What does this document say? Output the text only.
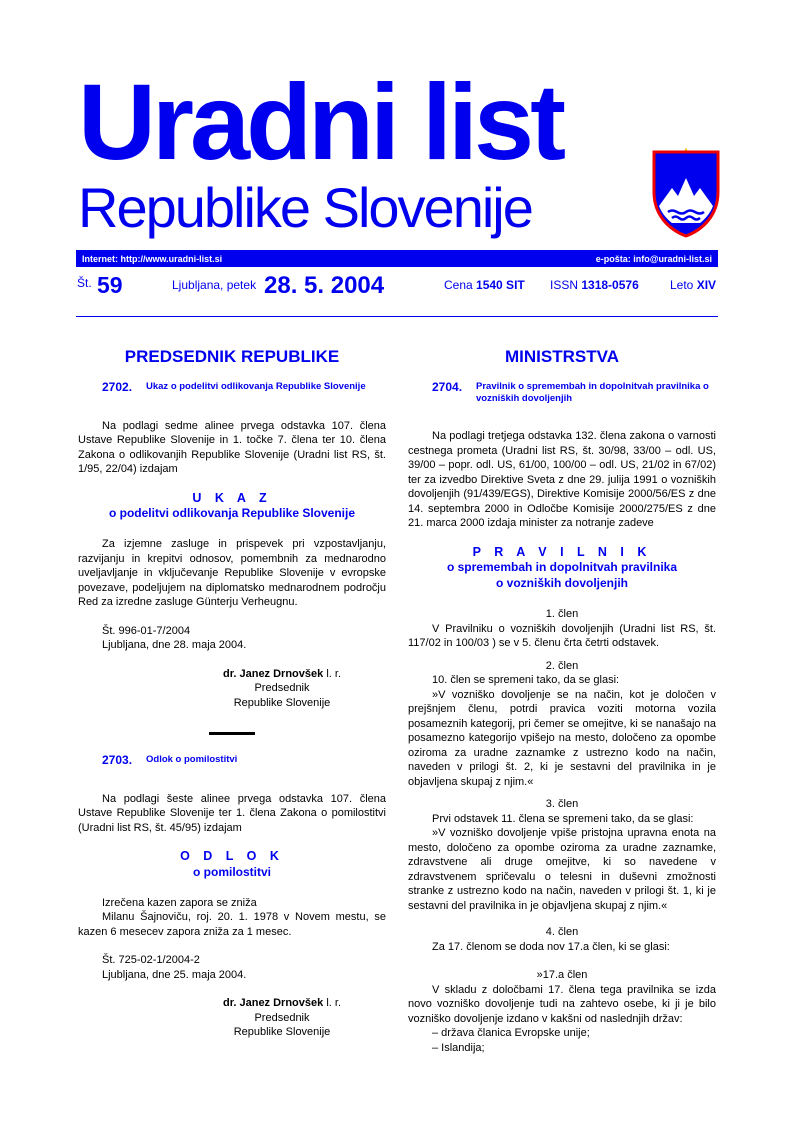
Uradni list
Republike Slovenije
Internet: http://www.uradni-list.si	e-pošta: info@uradni-list.si
Št. 59	Ljubljana, petek 28. 5. 2004	Cena 1540 SIT ISSN 1318-0576	Leto XIV
PREDSEDNIK REPUBLIKE
2702.	Ukaz o podelitvi odlikovanja Republike Slovenije
Na podlagi sedme alinee prvega odstavka 107. člena Ustave Republike Slovenije in 1. točke 7. člena ter 10. člena Zakona o odlikovanjih Republike Slovenije (Uradni list RS, št. 1/95, 22/04) izdajam
U K A Z
o podelitvi odlikovanja Republike Slovenije
Za izjemne zasluge in prispevek pri vzpostavljanju, razvijanju in krepitvi odnosov, pomembnih za mednarodno uveljavljanje in vključevanje Republike Slovenije v evropske povezave, podeljujem na diplomatsko mednarodnem področju Red za izredne zasluge Günterju Verheugnu.
Št. 996-01-7/2004
Ljubljana, dne 28. maja 2004.
dr. Janez Drnovšek l. r.
Predsednik
Republike Slovenije
2703.	Odlok o pomilostitvi
Na podlagi šeste alinee prvega odstavka 107. člena Ustave Republike Slovenije ter 1. člena Zakona o pomilostitvi (Uradni list RS, št. 45/95) izdajam
O D L O K
o pomilostitvi
Izrečena kazen zapora se zniža
Milanu Šajnoviču, roj. 20. 1. 1978 v Novem mestu, se kazen 6 mesecev zapora zniža za 1 mesec.
Št. 725-02-1/2004-2
Ljubljana, dne 25. maja 2004.
dr. Janez Drnovšek l. r.
Predsednik
Republike Slovenije
MINISTRSTVA
2704.	Pravilnik o spremembah in dopolnitvah pravilnika o vozniških dovoljenjih
Na podlagi tretjega odstavka 132. člena zakona o varnosti cestnega prometa (Uradni list RS, št. 30/98, 33/00 – odl. US, 39/00 – popr. odl. US, 61/00, 100/00 – odl. US, 21/02 in 67/02) ter za izvedbo Direktive Sveta z dne 29. julija 1991 o vozniških dovoljenjih (91/439/EGS), Direktive Komisije 2000/56/ES z dne 14. septembra 2000 in Odločbe Komisije 2000/275/ES z dne 21. marca 2000 izdaja minister za notranje zadeve
P R A V I L N I K
o spremembah in dopolnitvah pravilnika
o vozniških dovoljenjih
1. člen
V Pravilniku o vozniških dovoljenjih (Uradni list RS, št. 117/02 in 100/03 ) se v 5. členu črta četrti odstavek.
2. člen
10. člen se spremeni tako, da se glasi:
»V vozniško dovoljenje se na način, kot je določen v prejšnjem členu, potrdi pravica voziti motorna vozila posameznih kategorij, pri čemer se omejitve, ki se nanašajo na posamezno kategorijo vpišejo na mesto, določeno za opombe oziroma za uradne zaznamke z ustrezno kodo na način, naveden v prilogi št. 2, ki je sestavni del pravilnika in je objavljena skupaj z njim.«
3. člen
Prvi odstavek 11. člena se spremeni tako, da se glasi:
»V vozniško dovoljenje vpiše pristojna upravna enota na mesto, določeno za opombe oziroma za uradne zaznamke, zdravstvene ali druge omejitve, ki so navedene v zdravstvenem spričevalu o telesni in duševni zmožnosti stranke z ustrezno kodo na način, naveden v prilogi št. 1, ki je sestavni del pravilnika in je objavljena skupaj z njim.«
4. člen
Za 17. členom se doda nov 17.a člen, ki se glasi:
»17.a člen
V skladu z določbami 17. člena tega pravilnika se izda novo vozniško dovoljenje tudi na zahtevo osebe, ki ji je bilo vozniško dovoljenje izdano v kakšni od naslednjih držav:
– država članica Evropske unije;
– Islandija;
